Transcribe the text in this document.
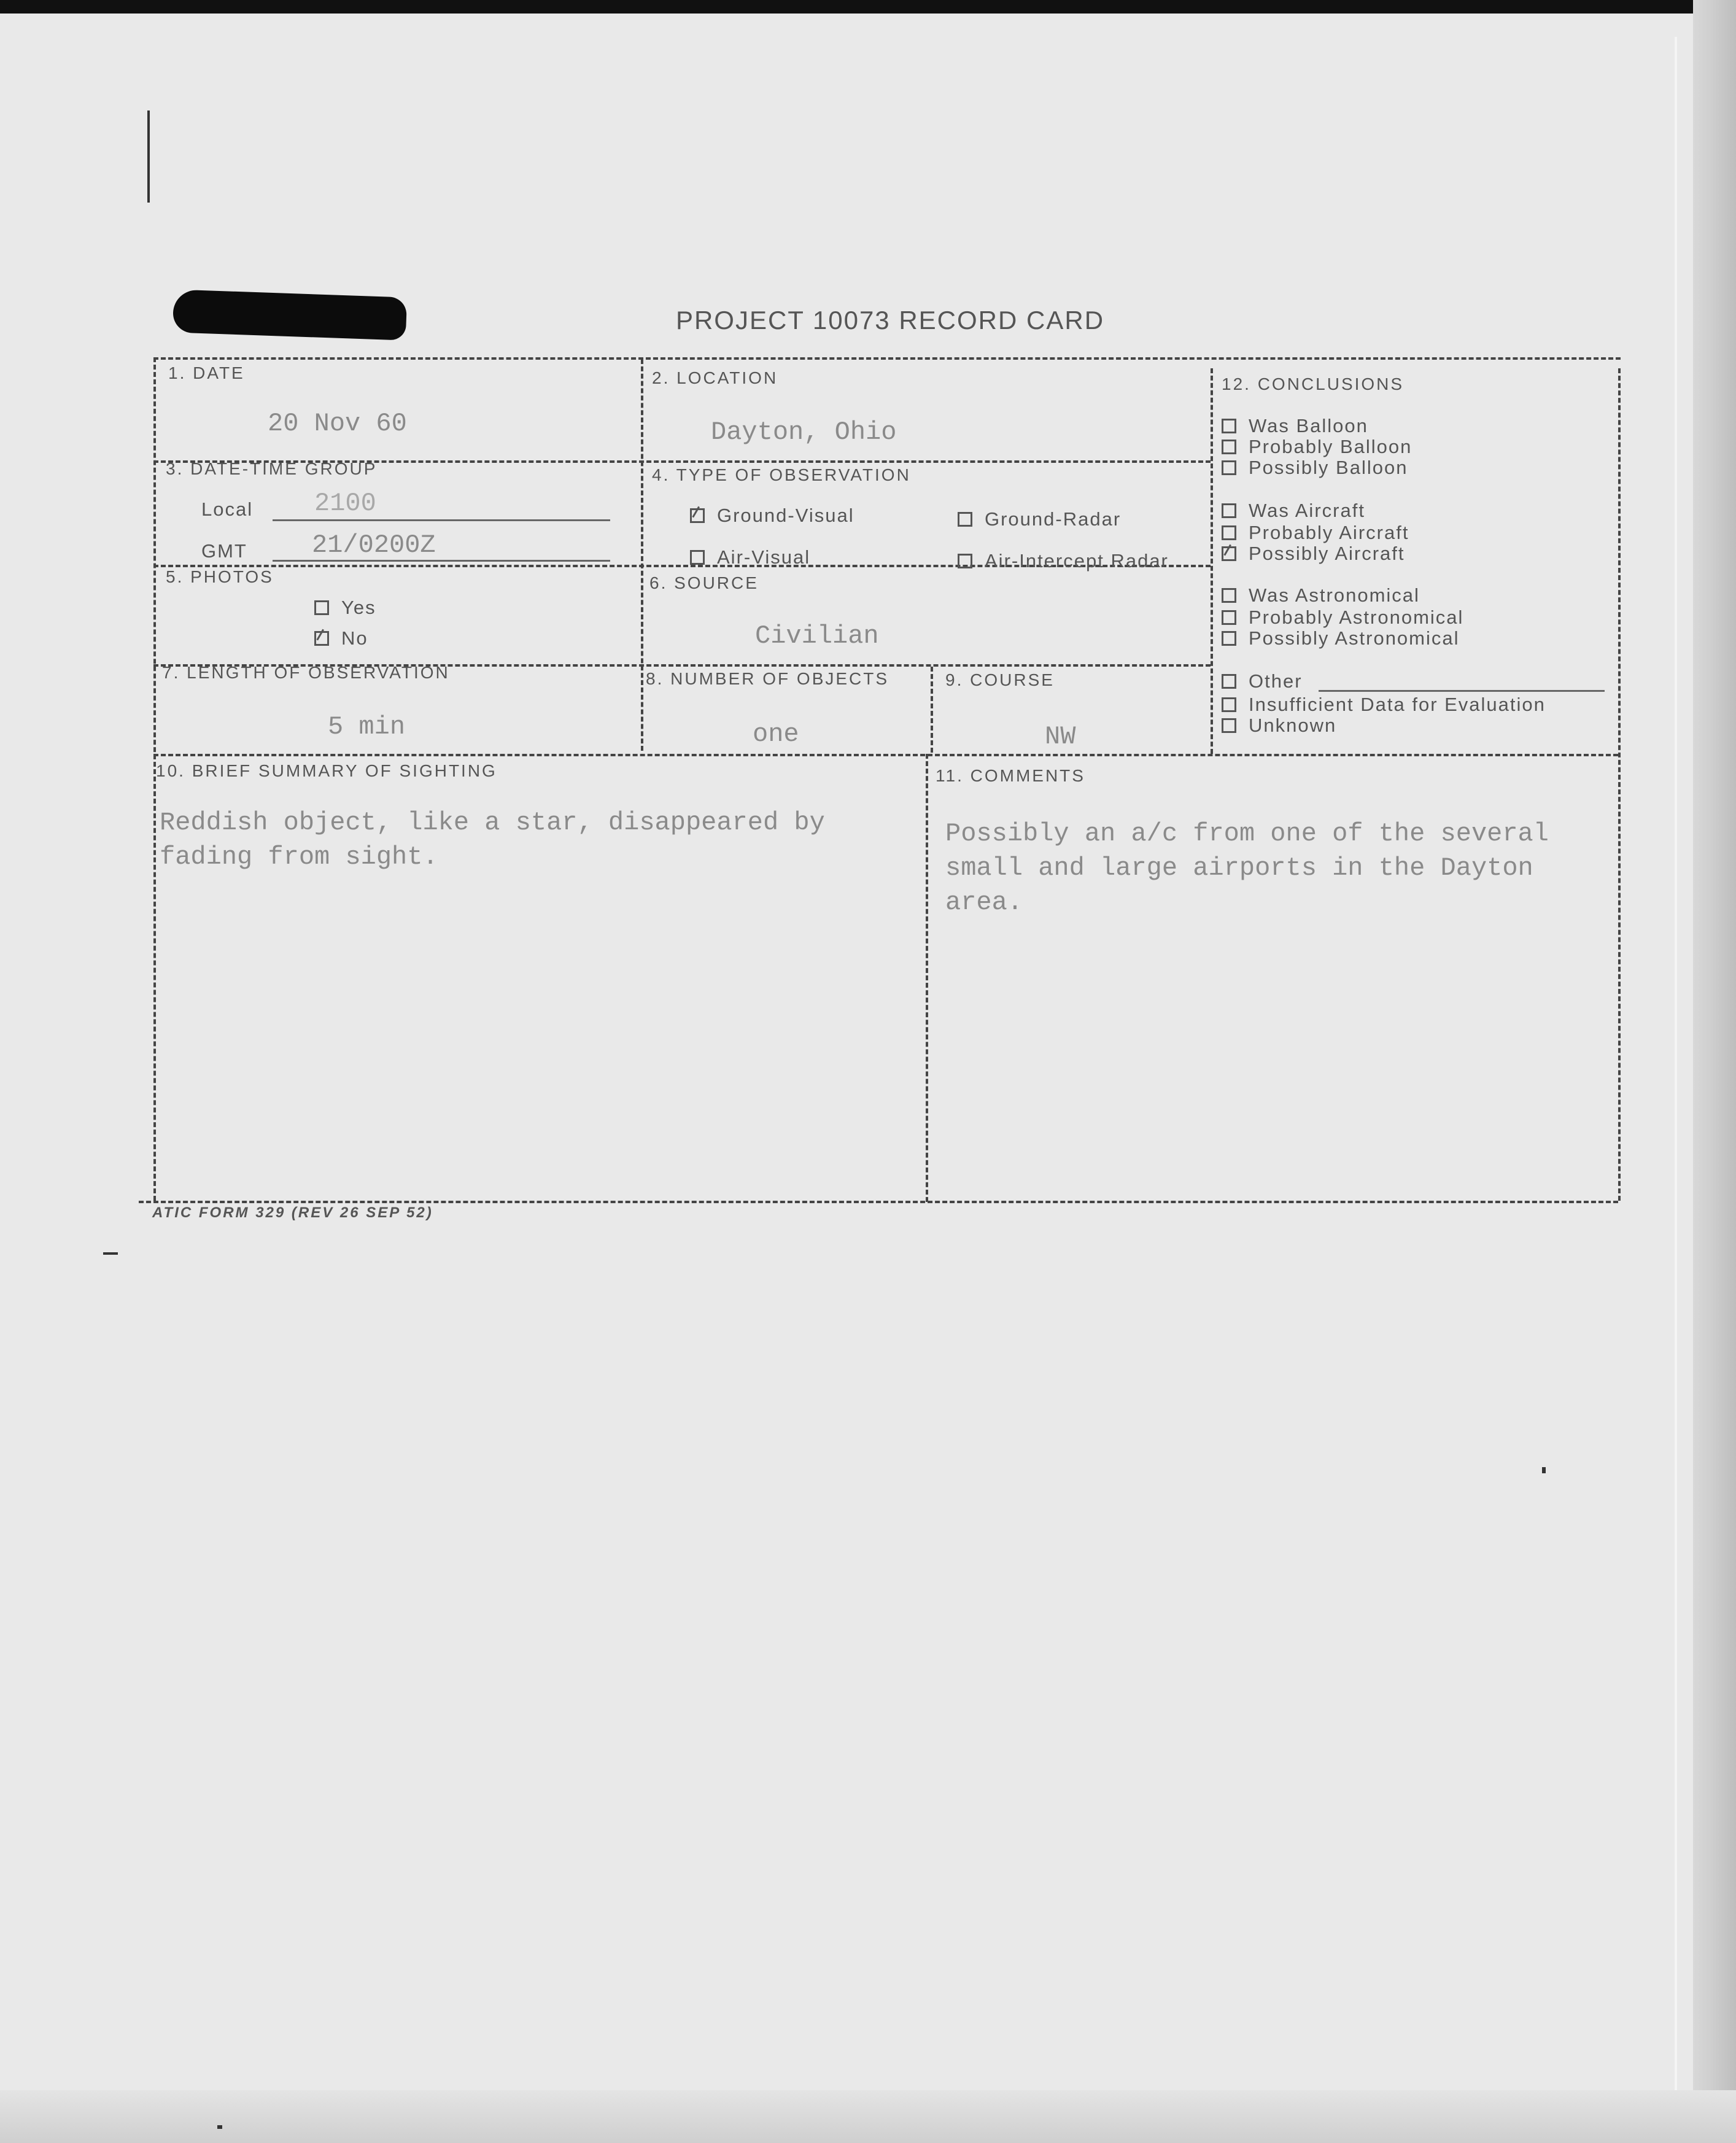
PROJECT 10073 RECORD CARD
1. DATE
20 Nov 60
2. LOCATION
Dayton, Ohio
3. DATE-TIME GROUP
Local 2100
GMT	21/0200Z
4. TYPE OF OBSERVATION
Ground-Visual	Ground-Radar
Air-Visual	Air-Intercept Radar
5. PHOTOS
Yes
No
6. SOURCE
Civilian
7. LENGTH OF OBSERVATION
5 min
8. NUMBER OF OBJECTS
one
9. COURSE
NW
10. BRIEF SUMMARY OF SIGHTING
Reddish object, like a star, disappeared by
fading from sight.
11. COMMENTS
Possibly an a/c from one of the several
small and large airports in the Dayton
area.
12. CONCLUSIONS
Was Balloon
Probably Balloon
Possibly Balloon
Was Aircraft
Probably Aircraft
Possibly Aircraft
Was Astronomical
Probably Astronomical
Possibly Astronomical
Other
Insufficient Data for Evaluation
Unknown
ATIC FORM 329 (REV 26 SEP 52)
